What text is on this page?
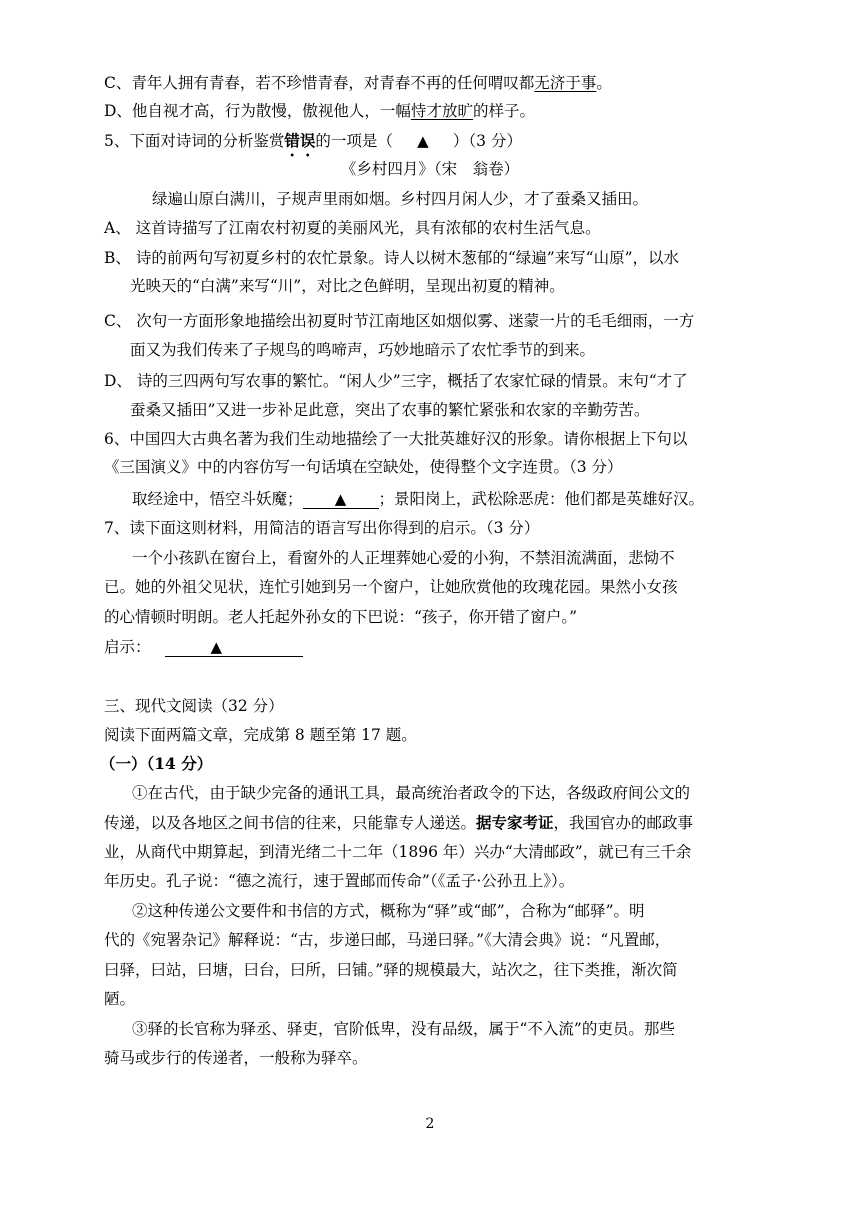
C、青年人拥有青春，若不珍惜青春，对青春不再的任何喟叹都无济于事。
D、他自视才高，行为散慢，傲视他人，一幅恃才放旷的样子。
5、下面对诗词的分析鉴赏错误的一项是（ ▲ ）（3 分）
《乡村四月》（宋　翁卷）
绿遍山原白满川，子规声里雨如烟。乡村四月闲人少，才了蚕桑又插田。
A、 这首诗描写了江南农村初夏的美丽风光，具有浓郁的农村生活气息。
B、 诗的前两句写初夏乡村的农忙景象。诗人以树木葱郁的“绿遍”来写“山原”，以水
光映天的“白满”来写“川”，对比之色鲜明，呈现出初夏的精神。
C、 次句一方面形象地描绘出初夏时节江南地区如烟似雾、迷蒙一片的毛毛细雨，一方
面又为我们传来了子规鸟的鸣啼声，巧妙地暗示了农忙季节的到来。
D、 诗的三四两句写农事的繁忙。“闲人少”三字，概括了农家忙碌的情景。末句“才了
蚕桑又插田”又进一步补足此意，突出了农事的繁忙紧张和农家的辛勤劳苦。
6、中国四大古典名著为我们生动地描绘了一大批英雄好汉的形象。请你根据上下句以
《三国演义》中的内容仿写一句话填在空缺处，使得整个文字连贯。（3 分）
取经途中，悟空斗妖魔； ▲ ；景阳岗上，武松除恶虎：他们都是英雄好汉。
7、读下面这则材料，用简洁的语言写出你得到的启示。（3 分）
一个小孩趴在窗台上，看窗外的人正埋葬她心爱的小狗，不禁泪流满面，悲恸不
已。她的外祖父见状，连忙引她到另一个窗户，让她欣赏他的玫瑰花园。果然小女孩
的心情顿时明朗。老人托起外孙女的下巴说：“孩子，你开错了窗户。”
启示：	▲
三、现代文阅读（32 分）
阅读下面两篇文章，完成第 8 题至第 17 题。
（一）（14 分）
①在古代，由于缺少完备的通讯工具，最高统治者政令的下达，各级政府间公文的
传递，以及各地区之间书信的往来，只能靠专人递送。据专家考证，我国官办的邮政事
业，从商代中期算起，到清光绪二十二年（1896 年）兴办“大清邮政”，就已有三千余
年历史。孔子说：“德之流行，速于置邮而传命”（《孟子·公孙丑上》）。
②这种传递公文要件和书信的方式，概称为“驿”或“邮”，合称为“邮驿”。明
代的《宛署杂记》解释说：“古，步递曰邮，马递曰驿。”《大清会典》说：“凡置邮，
曰驿，曰站，曰塘，曰台，曰所，曰铺。”驿的规模最大，站次之，往下类推，渐次简
陋。
③驿的长官称为驿丞、驿吏，官阶低卑，没有品级，属于“不入流”的吏员。那些
骑马或步行的传递者，一般称为驿卒。
2
